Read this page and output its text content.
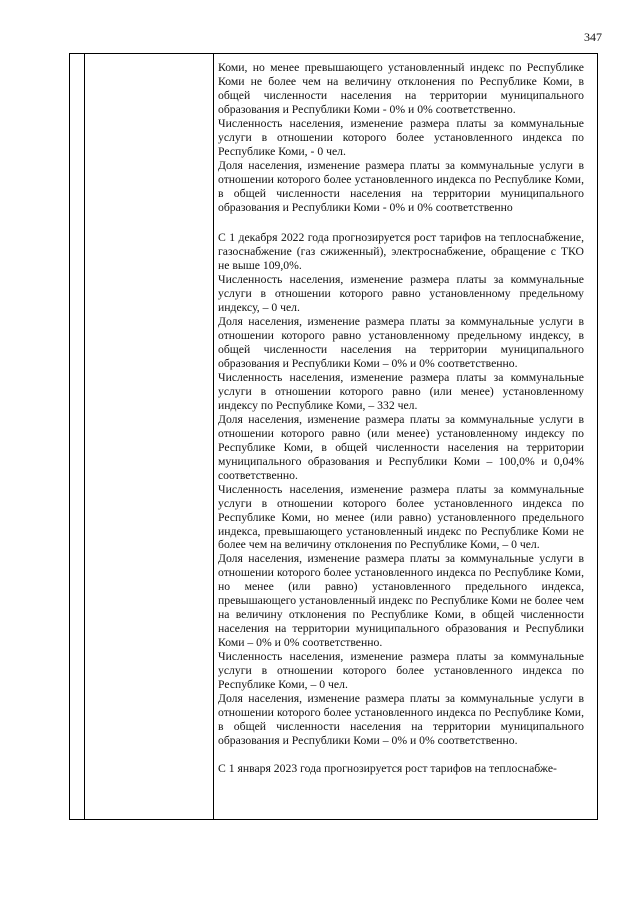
347
Коми, но менее превышающего установленный индекс по Республике Коми не более чем на величину отклонения по Республике Коми, в общей численности населения на территории муниципального образования и Республики Коми - 0% и 0% соответственно.
Численность населения, изменение размера платы за коммунальные услуги в отношении которого более установленного индекса по Республике Коми, - 0 чел.
Доля населения, изменение размера платы за коммунальные услуги в отношении которого более установленного индекса по Республике Коми, в общей численности населения на территории муниципального образования и Республики Коми - 0% и 0% соответственно
С 1 декабря 2022 года прогнозируется рост тарифов на теплоснабжение, газоснабжение (газ сжиженный), электроснабжение, обращение с ТКО не выше 109,0%.
Численность населения, изменение размера платы за коммунальные услуги в отношении которого равно установленному предельному индексу, – 0 чел.
Доля населения, изменение размера платы за коммунальные услуги в отношении которого равно установленному предельному индексу, в общей численности населения на территории муниципального образования и Республики Коми – 0% и 0% соответственно.
Численность населения, изменение размера платы за коммунальные услуги в отношении которого равно (или менее) установленному индексу по Республике Коми, – 332 чел.
Доля населения, изменение размера платы за коммунальные услуги в отношении которого равно (или менее) установленному индексу по Республике Коми, в общей численности населения на территории муниципального образования и Республики Коми – 100,0% и 0,04% соответственно.
Численность населения, изменение размера платы за коммунальные услуги в отношении которого более установленного индекса по Республике Коми, но менее (или равно) установленного предельного индекса, превышающего установленный индекс по Республике Коми не более чем на величину отклонения по Республике Коми, – 0 чел.
Доля населения, изменение размера платы за коммунальные услуги в отношении которого более установленного индекса по Республике Коми, но менее (или равно) установленного предельного индекса, превышающего установленный индекс по Республике Коми не более чем на величину отклонения по Республике Коми, в общей численности населения на территории муниципального образования и Республики Коми – 0% и 0% соответственно.
Численность населения, изменение размера платы за коммунальные услуги в отношении которого более установленного индекса по Республике Коми, – 0 чел.
Доля населения, изменение размера платы за коммунальные услуги в отношении которого более установленного индекса по Республике Коми, в общей численности населения на территории муниципального образования и Республики Коми – 0% и 0% соответственно.
С 1 января 2023 года прогнозируется рост тарифов на теплоснабже-
